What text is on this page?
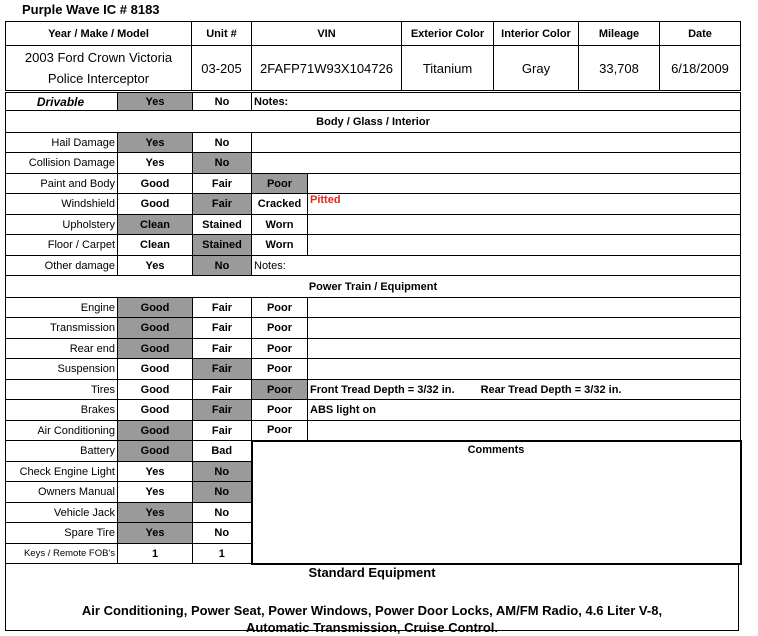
Purple Wave IC # 8183
Year / Make / Model	Unit #	VIN	Exterior Color	Interior Color	Mileage	Date

2003 Ford Crown Victoria
Police Interceptor	03-205	2FAFP71W93X104726	Titanium	Gray	33,708	6/18/2009
Drivable	Yes	No	Notes:	
Body / Glass / Interior				
Hail Damage	Yes	No		
Collision Damage	Yes	No		
Paint and Body	Good	Fair	Poor	
Windshield	Good	Fair	Cracked	Pitted
Upholstery	Clean	Stained	Worn	
Floor / Carpet	Clean	Stained	Worn	
Other damage	Yes	No	Notes:	
Power Train / Equipment				
Engine	Good	Fair	Poor	
Transmission	Good	Fair	Poor	
Rear end	Good	Fair	Poor	
Suspension	Good	Fair	Poor	
Tires	Good	Fair	Poor	Front Tread Depth = 3/32 in. Rear Tread Depth = 3/32 in.
Brakes	Good	Fair	Poor	ABS light on
Air Conditioning	Good	Fair	Poor	
Battery	Good	Bad	Comments	

Check Engine Light	Yes	No		
Owners Manual	Yes	No		
Vehicle Jack	Yes	No		
Spare Tire	Yes	No		
Keys / Remote FOB's	1	1		
Standard Equipment
Air Conditioning, Power Seat, Power Windows, Power Door Locks, AM/FM Radio, 4.6 Liter V-8,
Automatic Transmission, Cruise Control.
